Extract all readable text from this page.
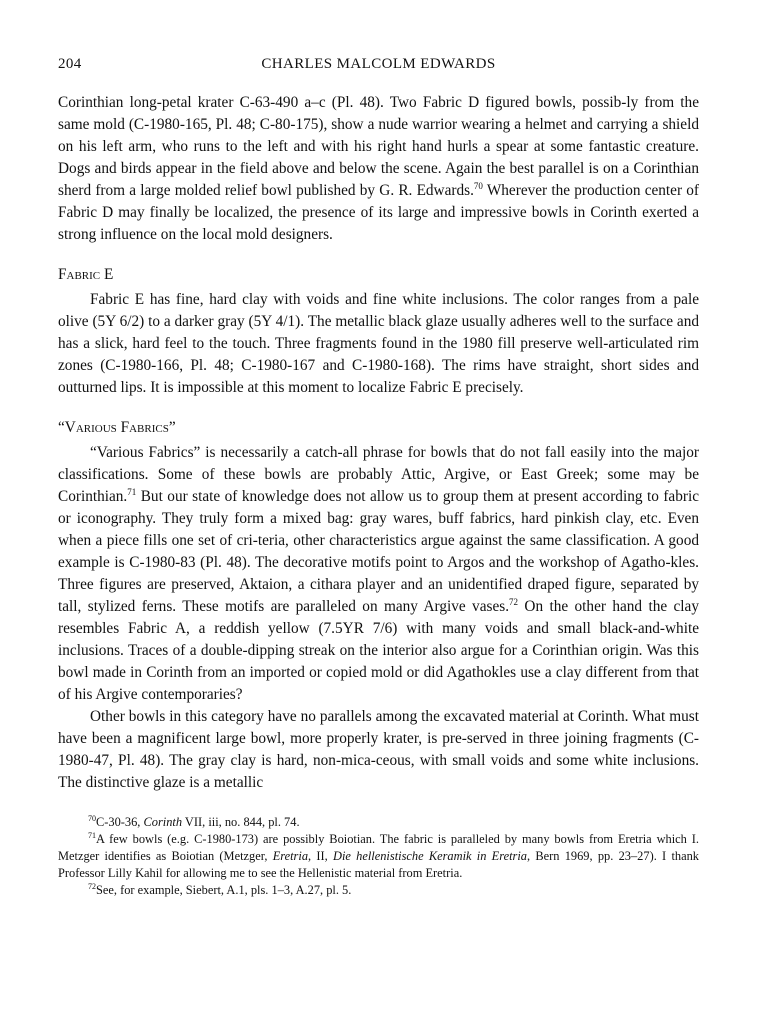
204	CHARLES MALCOLM EDWARDS

Corinthian long-petal krater C-63-490 a–c (Pl. 48). Two Fabric D figured bowls, possib-ly from the same mold (C-1980-165, Pl. 48; C-80-175), show a nude warrior wearing a helmet and carrying a shield on his left arm, who runs to the left and with his right hand hurls a spear at some fantastic creature. Dogs and birds appear in the field above and below the scene. Again the best parallel is on a Corinthian sherd from a large molded relief bowl published by G. R. Edwards.$^{70}$ Wherever the production center of Fabric D may finally be localized, the presence of its large and impressive bowls in Corinth exerted a strong influence on the local mold designers.

Fabric E

Fabric E has fine, hard clay with voids and fine white inclusions. The color ranges from a pale olive (5Y 6/2) to a darker gray (5Y 4/1). The metallic black glaze usually adheres well to the surface and has a slick, hard feel to the touch. Three fragments found in the 1980 fill preserve well-articulated rim zones (C-1980-166, Pl. 48; C-1980-167 and C-1980-168). The rims have straight, short sides and outturned lips. It is impossible at this moment to localize Fabric E precisely.

“Various Fabrics”

“Various Fabrics” is necessarily a catch-all phrase for bowls that do not fall easily into the major classifications. Some of these bowls are probably Attic, Argive, or East Greek; some may be Corinthian.$^{71}$ But our state of knowledge does not allow us to group them at present according to fabric or iconography. They truly form a mixed bag: gray wares, buff fabrics, hard pinkish clay, etc. Even when a piece fills one set of cri-teria, other characteristics argue against the same classification. A good example is C-1980-83 (Pl. 48). The decorative motifs point to Argos and the workshop of Agatho-kles. Three figures are preserved, Aktaion, a cithara player and an unidentified draped figure, separated by tall, stylized ferns. These motifs are paralleled on many Argive vases.$^{72}$ On the other hand the clay resembles Fabric A, a reddish yellow (7.5YR 7/6) with many voids and small black-and-white inclusions. Traces of a double-dipping streak on the interior also argue for a Corinthian origin. Was this bowl made in Corinth from an imported or copied mold or did Agathokles use a clay different from that of his Argive contemporaries?

Other bowls in this category have no parallels among the excavated material at Corinth. What must have been a magnificent large bowl, more properly krater, is pre-served in three joining fragments (C-1980-47, Pl. 48). The gray clay is hard, non-mica-ceous, with small voids and some white inclusions. The distinctive glaze is a metallic

$^{70}$C-30-36, Corinth VII, iii, no. 844, pl. 74.

$^{71}$A few bowls (e.g. C-1980-173) are possibly Boiotian. The fabric is paralleled by many bowls from Eretria which I. Metzger identifies as Boiotian (Metzger, Eretria, II, Die hellenistische Keramik in Eretria, Bern 1969, pp. 23–27). I thank Professor Lilly Kahil for allowing me to see the Hellenistic material from Eretria.

$^{72}$See, for example, Siebert, A.1, pls. 1–3, A.27, pl. 5.
